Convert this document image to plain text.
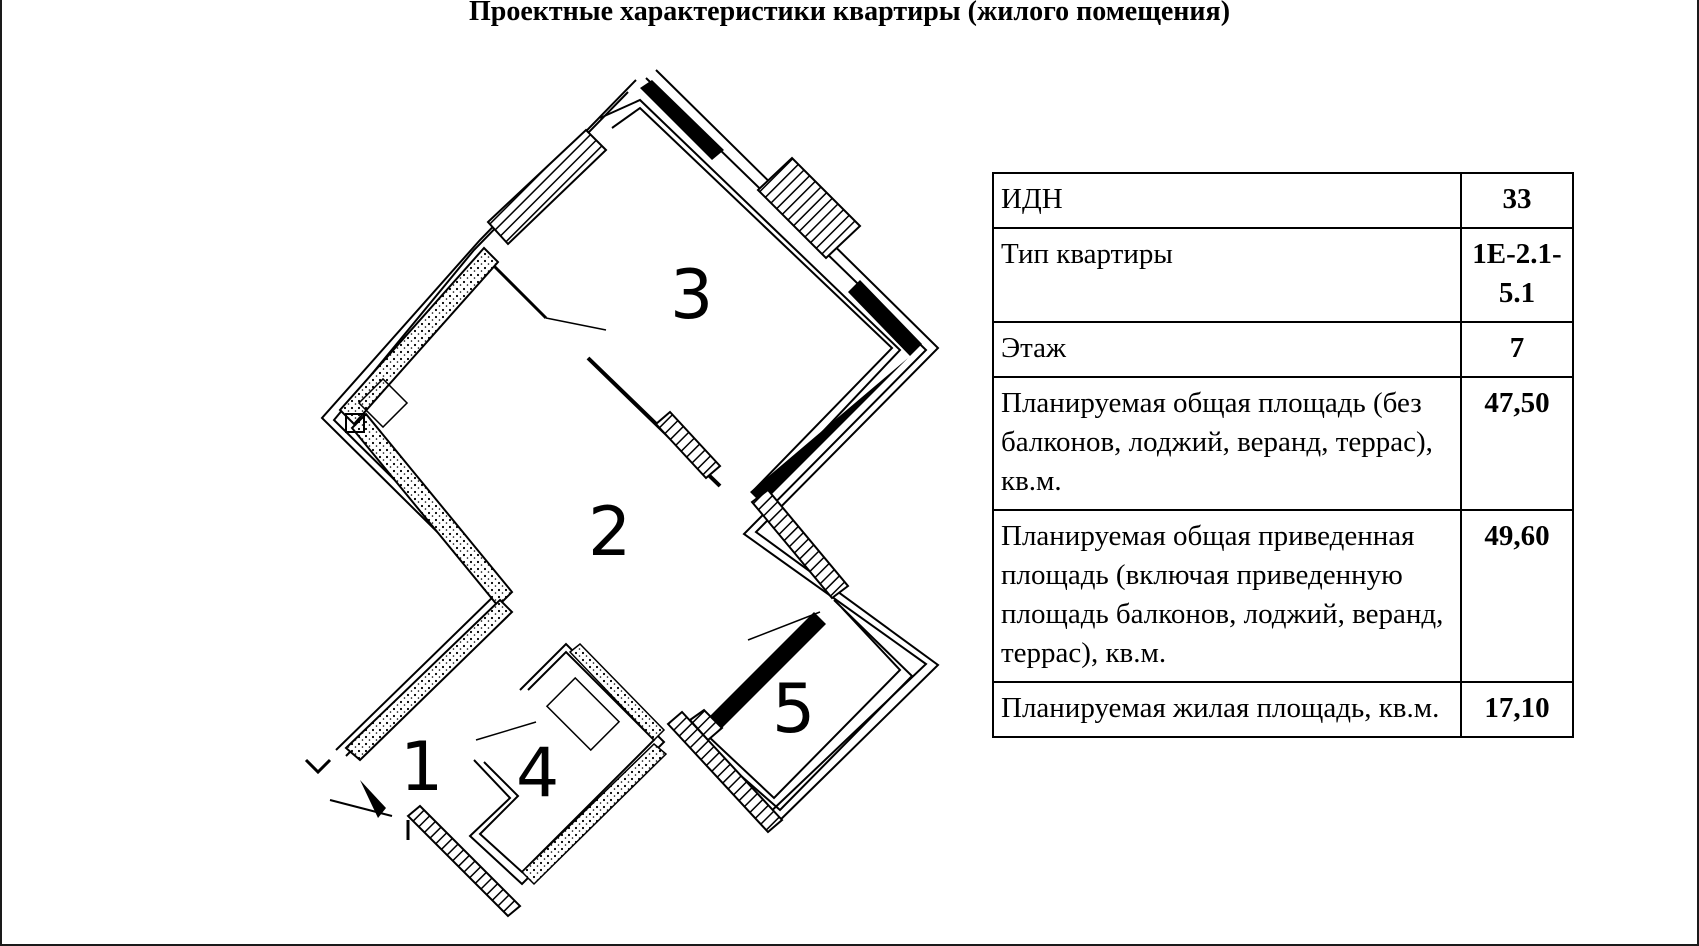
Проектные характеристики квартиры (жилого помещения)
1
2
3
4
5
ИДН	33
Тип квартиры	1Е-2.1-5.1
Этаж	7
Планируемая общая площадь (без балконов, лоджий, веранд, террас), кв.м.	47,50
Планируемая общая приведенная площадь (включая приведенную площадь балконов, лоджий, веранд, террас), кв.м.	49,60
Планируемая жилая площадь, кв.м.	17,10
